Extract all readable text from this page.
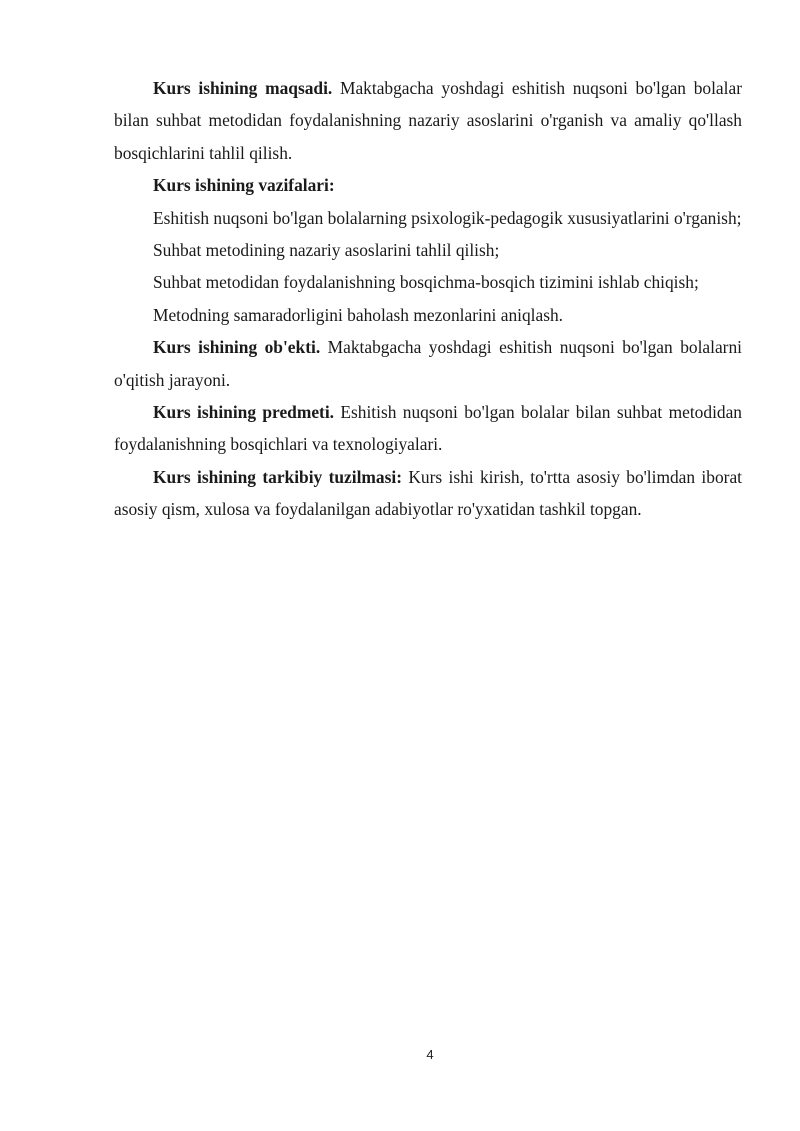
Kurs ishining maqsadi. Maktabgacha yoshdagi eshitish nuqsoni bo'lgan bolalar bilan suhbat metodidan foydalanishning nazariy asoslarini o'rganish va amaliy qo'llash bosqichlarini tahlil qilish.

Kurs ishining vazifalari:

Eshitish nuqsoni bo'lgan bolalarning psixologik-pedagogik xususiyatlarini o'rganish;

Suhbat metodining nazariy asoslarini tahlil qilish;

Suhbat metodidan foydalanishning bosqichma-bosqich tizimini ishlab chiqish;

Metodning samaradorligini baholash mezonlarini aniqlash.

Kurs ishining ob'ekti. Maktabgacha yoshdagi eshitish nuqsoni bo'lgan bolalarni o'qitish jarayoni.

Kurs ishining predmeti. Eshitish nuqsoni bo'lgan bolalar bilan suhbat metodidan foydalanishning bosqichlari va texnologiyalari.

Kurs ishining tarkibiy tuzilmasi: Kurs ishi kirish, to'rtta asosiy bo'limdan iborat asosiy qism, xulosa va foydalanilgan adabiyotlar ro'yxatidan tashkil topgan.

4
